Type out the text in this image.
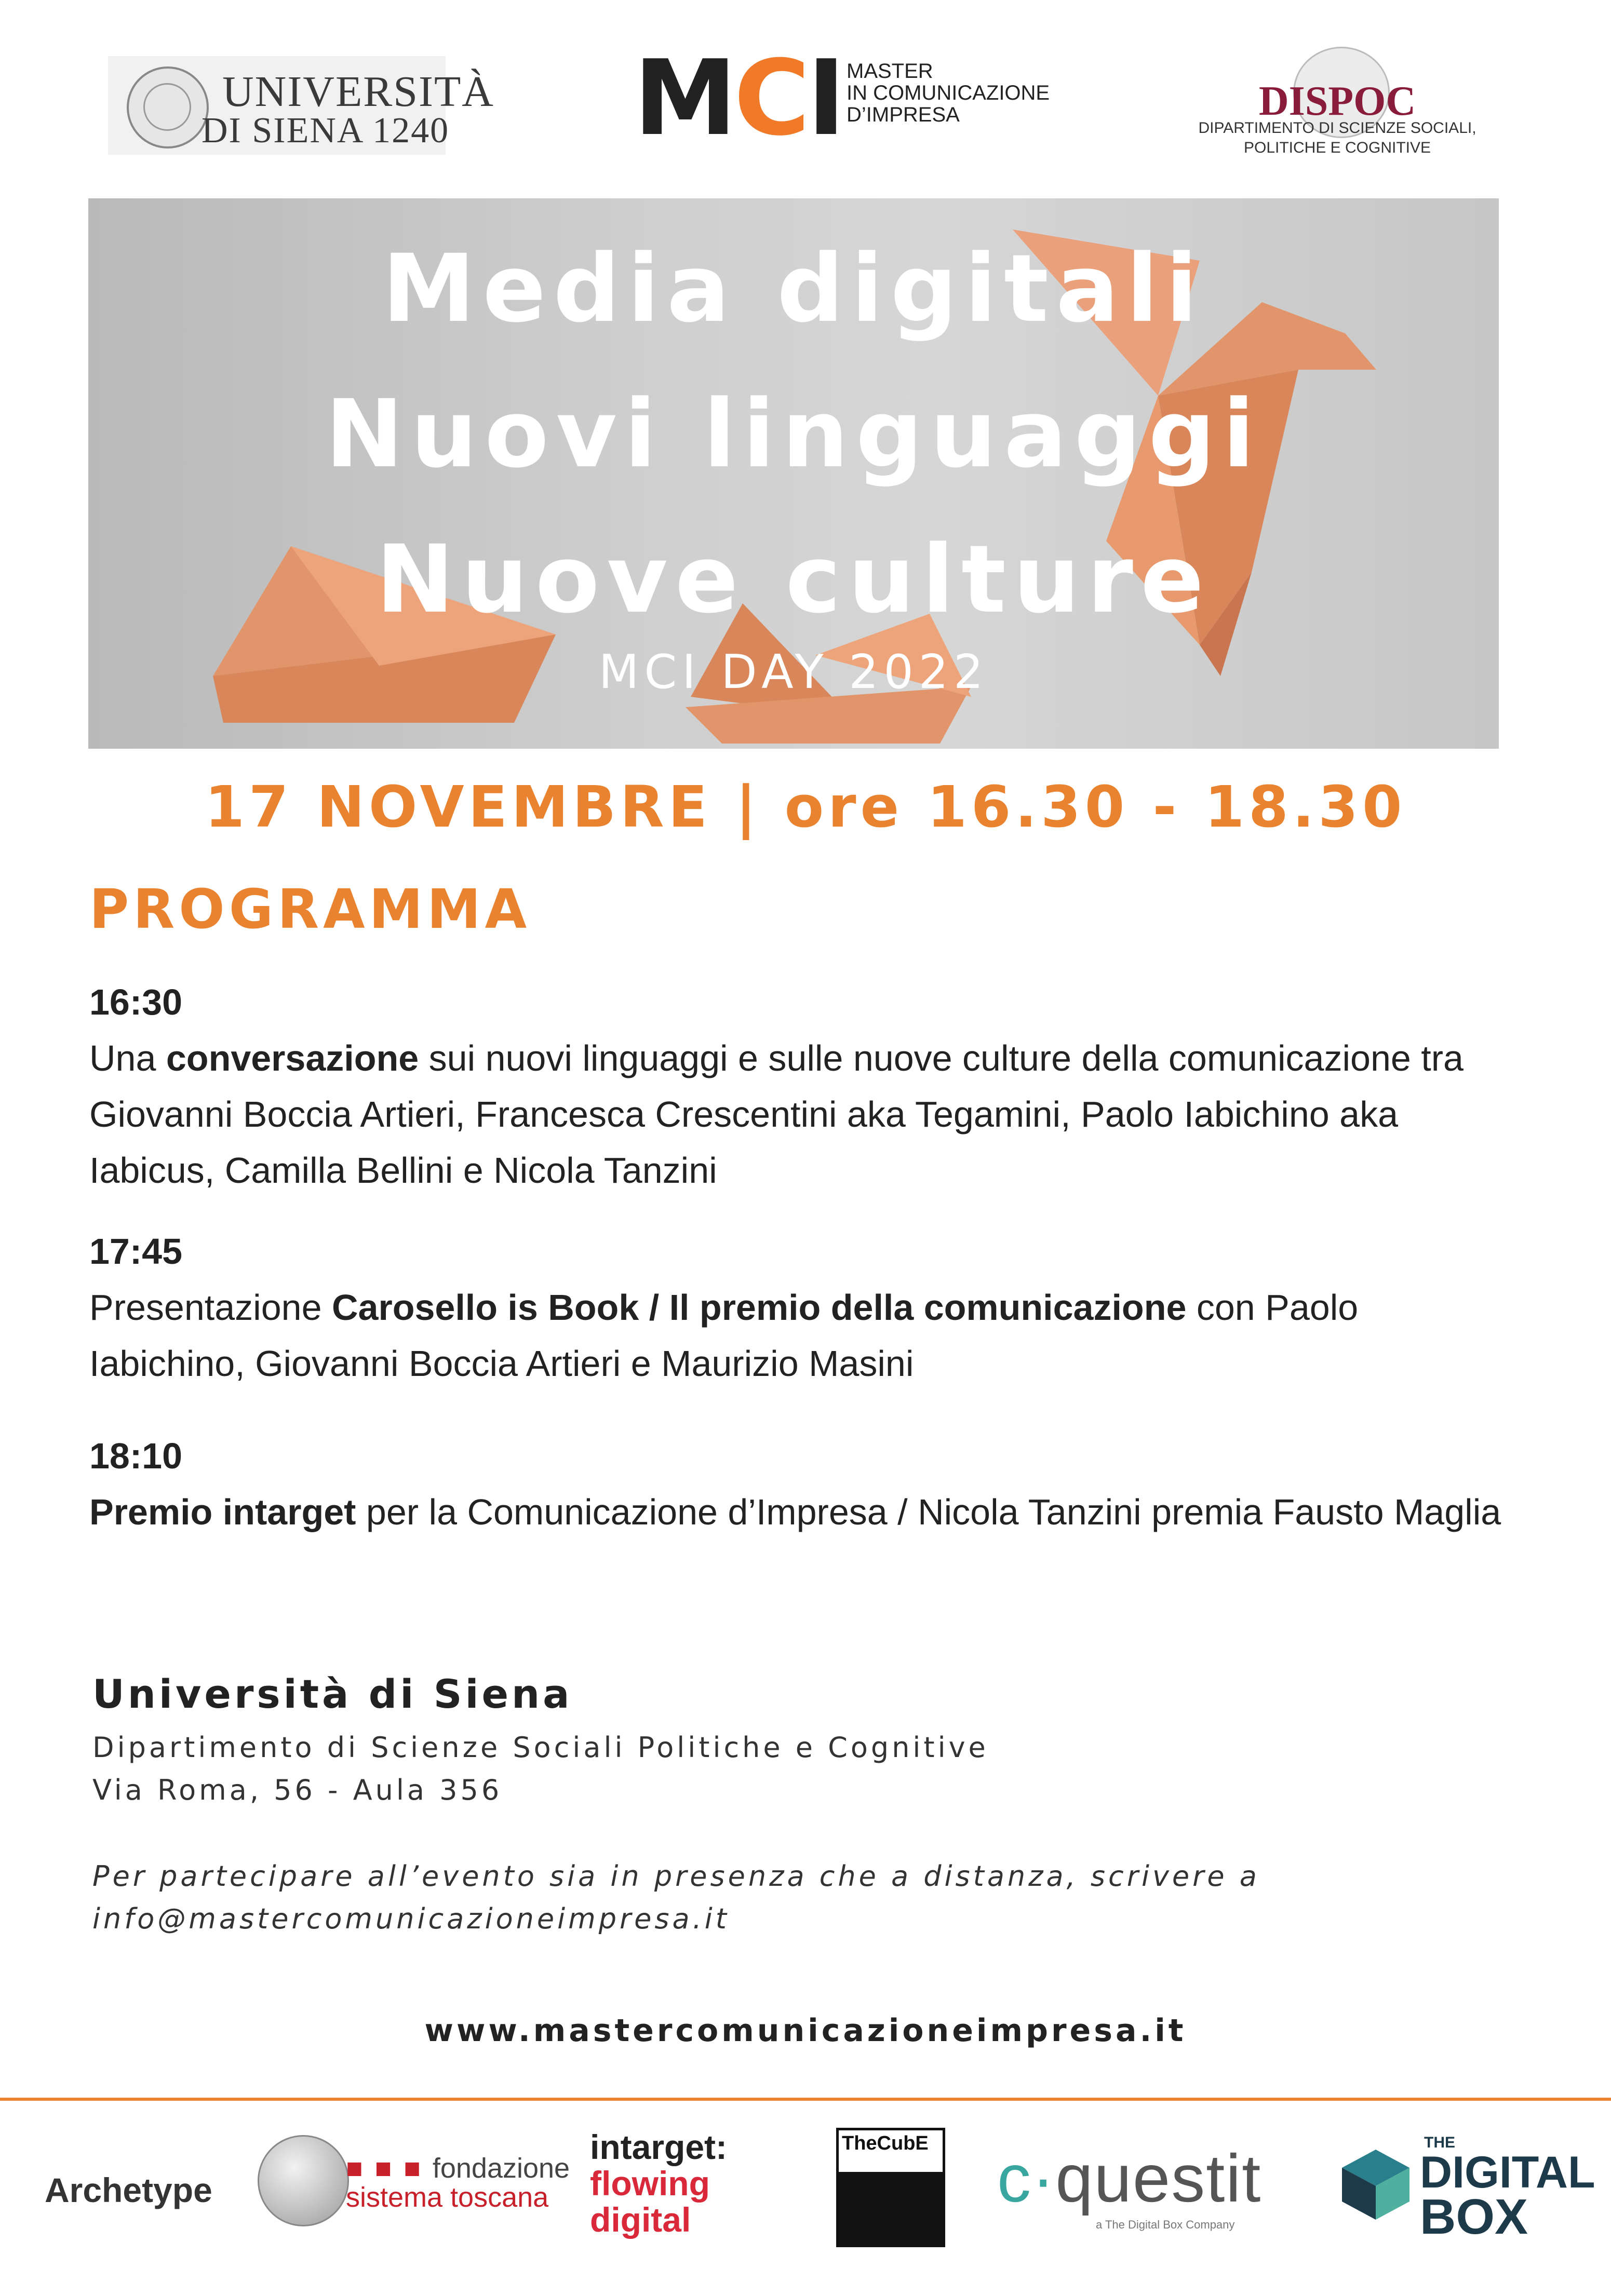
UNIVERSITÀ
DI SIENA 1240 MCI MASTER
IN COMUNICAZIONE
D’IMPRESA	DISPOC
DIPARTIMENTO DI SCIENZE SOCIALI,
POLITICHE E COGNITIVE
Media digitali
Nuovi linguaggi
Nuove culture
MCI DAY 2022
17 NOVEMBRE | ore 16.30 - 18.30
PROGRAMMA
16:30
Una conversazione sui nuovi linguaggi e sulle nuove culture della comunicazione tra Giovanni Boccia Artieri, Francesca Crescentini aka Tegamini, Paolo Iabichino aka Iabicus, Camilla Bellini e Nicola Tanzini
17:45
Presentazione Carosello is Book / Il premio della comunicazione con Paolo Iabichino, Giovanni Boccia Artieri e Maurizio Masini
18:10
Premio intarget per la Comunicazione d’Impresa / Nicola Tanzini premia Fausto Maglia
Università di Siena
Dipartimento di Scienze Sociali Politiche e Cognitive
Via Roma, 56 - Aula 356
Per partecipare all’evento sia in presenza che a distanza, scrivere a
info@mastercomunicazioneimpresa.it
www.mastercomunicazioneimpresa.it
Archetype
■ ■ ■ fondazione
sistema toscana
intarget:
flowing
digital
TheCubE c·questit
a The Digital Box Company
THE
DIGITAL
BOX
